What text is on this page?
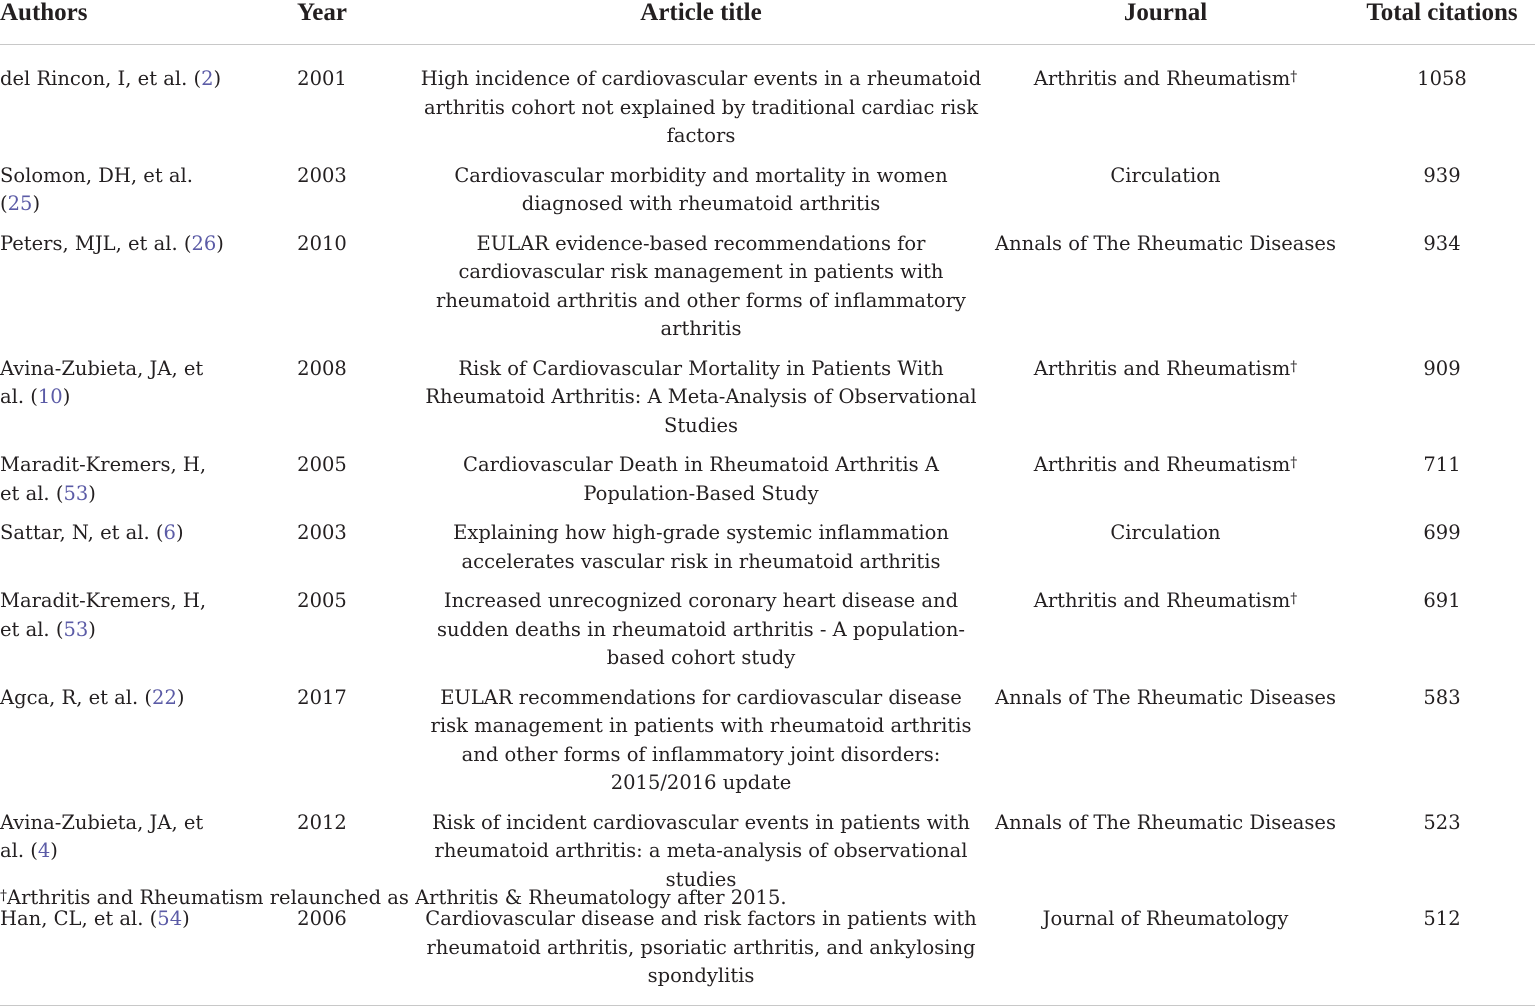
Authors	Year	Article title	Journal	Total citations
del Rincon, I, et al. (2)	2001	High incidence of cardiovascular events in a rheumatoid arthritis cohort not explained by traditional cardiac risk factors	Arthritis and Rheumatism†	1058
Solomon, DH, et al. (25)	2003	Cardiovascular morbidity and mortality in women diagnosed with rheumatoid arthritis	Circulation	939
Peters, MJL, et al. (26)	2010	EULAR evidence-based recommendations for cardiovascular risk management in patients with rheumatoid arthritis and other forms of inflammatory arthritis	Annals of The Rheumatic Diseases	934
Avina-Zubieta, JA, et al. (10)	2008	Risk of Cardiovascular Mortality in Patients With Rheumatoid Arthritis: A Meta-Analysis of Observational Studies	Arthritis and Rheumatism†	909
Maradit-Kremers, H, et al. (53)	2005	Cardiovascular Death in Rheumatoid Arthritis A Population-Based Study	Arthritis and Rheumatism†	711
Sattar, N, et al. (6)	2003	Explaining how high-grade systemic inflammation accelerates vascular risk in rheumatoid arthritis	Circulation	699
Maradit-Kremers, H, et al. (53)	2005	Increased unrecognized coronary heart disease and sudden deaths in rheumatoid arthritis - A population-based cohort study	Arthritis and Rheumatism†	691
Agca, R, et al. (22)	2017	EULAR recommendations for cardiovascular disease risk management in patients with rheumatoid arthritis and other forms of inflammatory joint disorders: 2015/2016 update	Annals of The Rheumatic Diseases	583
Avina-Zubieta, JA, et al. (4)	2012	Risk of incident cardiovascular events in patients with rheumatoid arthritis: a meta-analysis of observational studies	Annals of The Rheumatic Diseases	523
Han, CL, et al. (54)	2006	Cardiovascular disease and risk factors in patients with rheumatoid arthritis, psoriatic arthritis, and ankylosing spondylitis	Journal of Rheumatology	512
†Arthritis and Rheumatism relaunched as Arthritis & Rheumatology after 2015.
